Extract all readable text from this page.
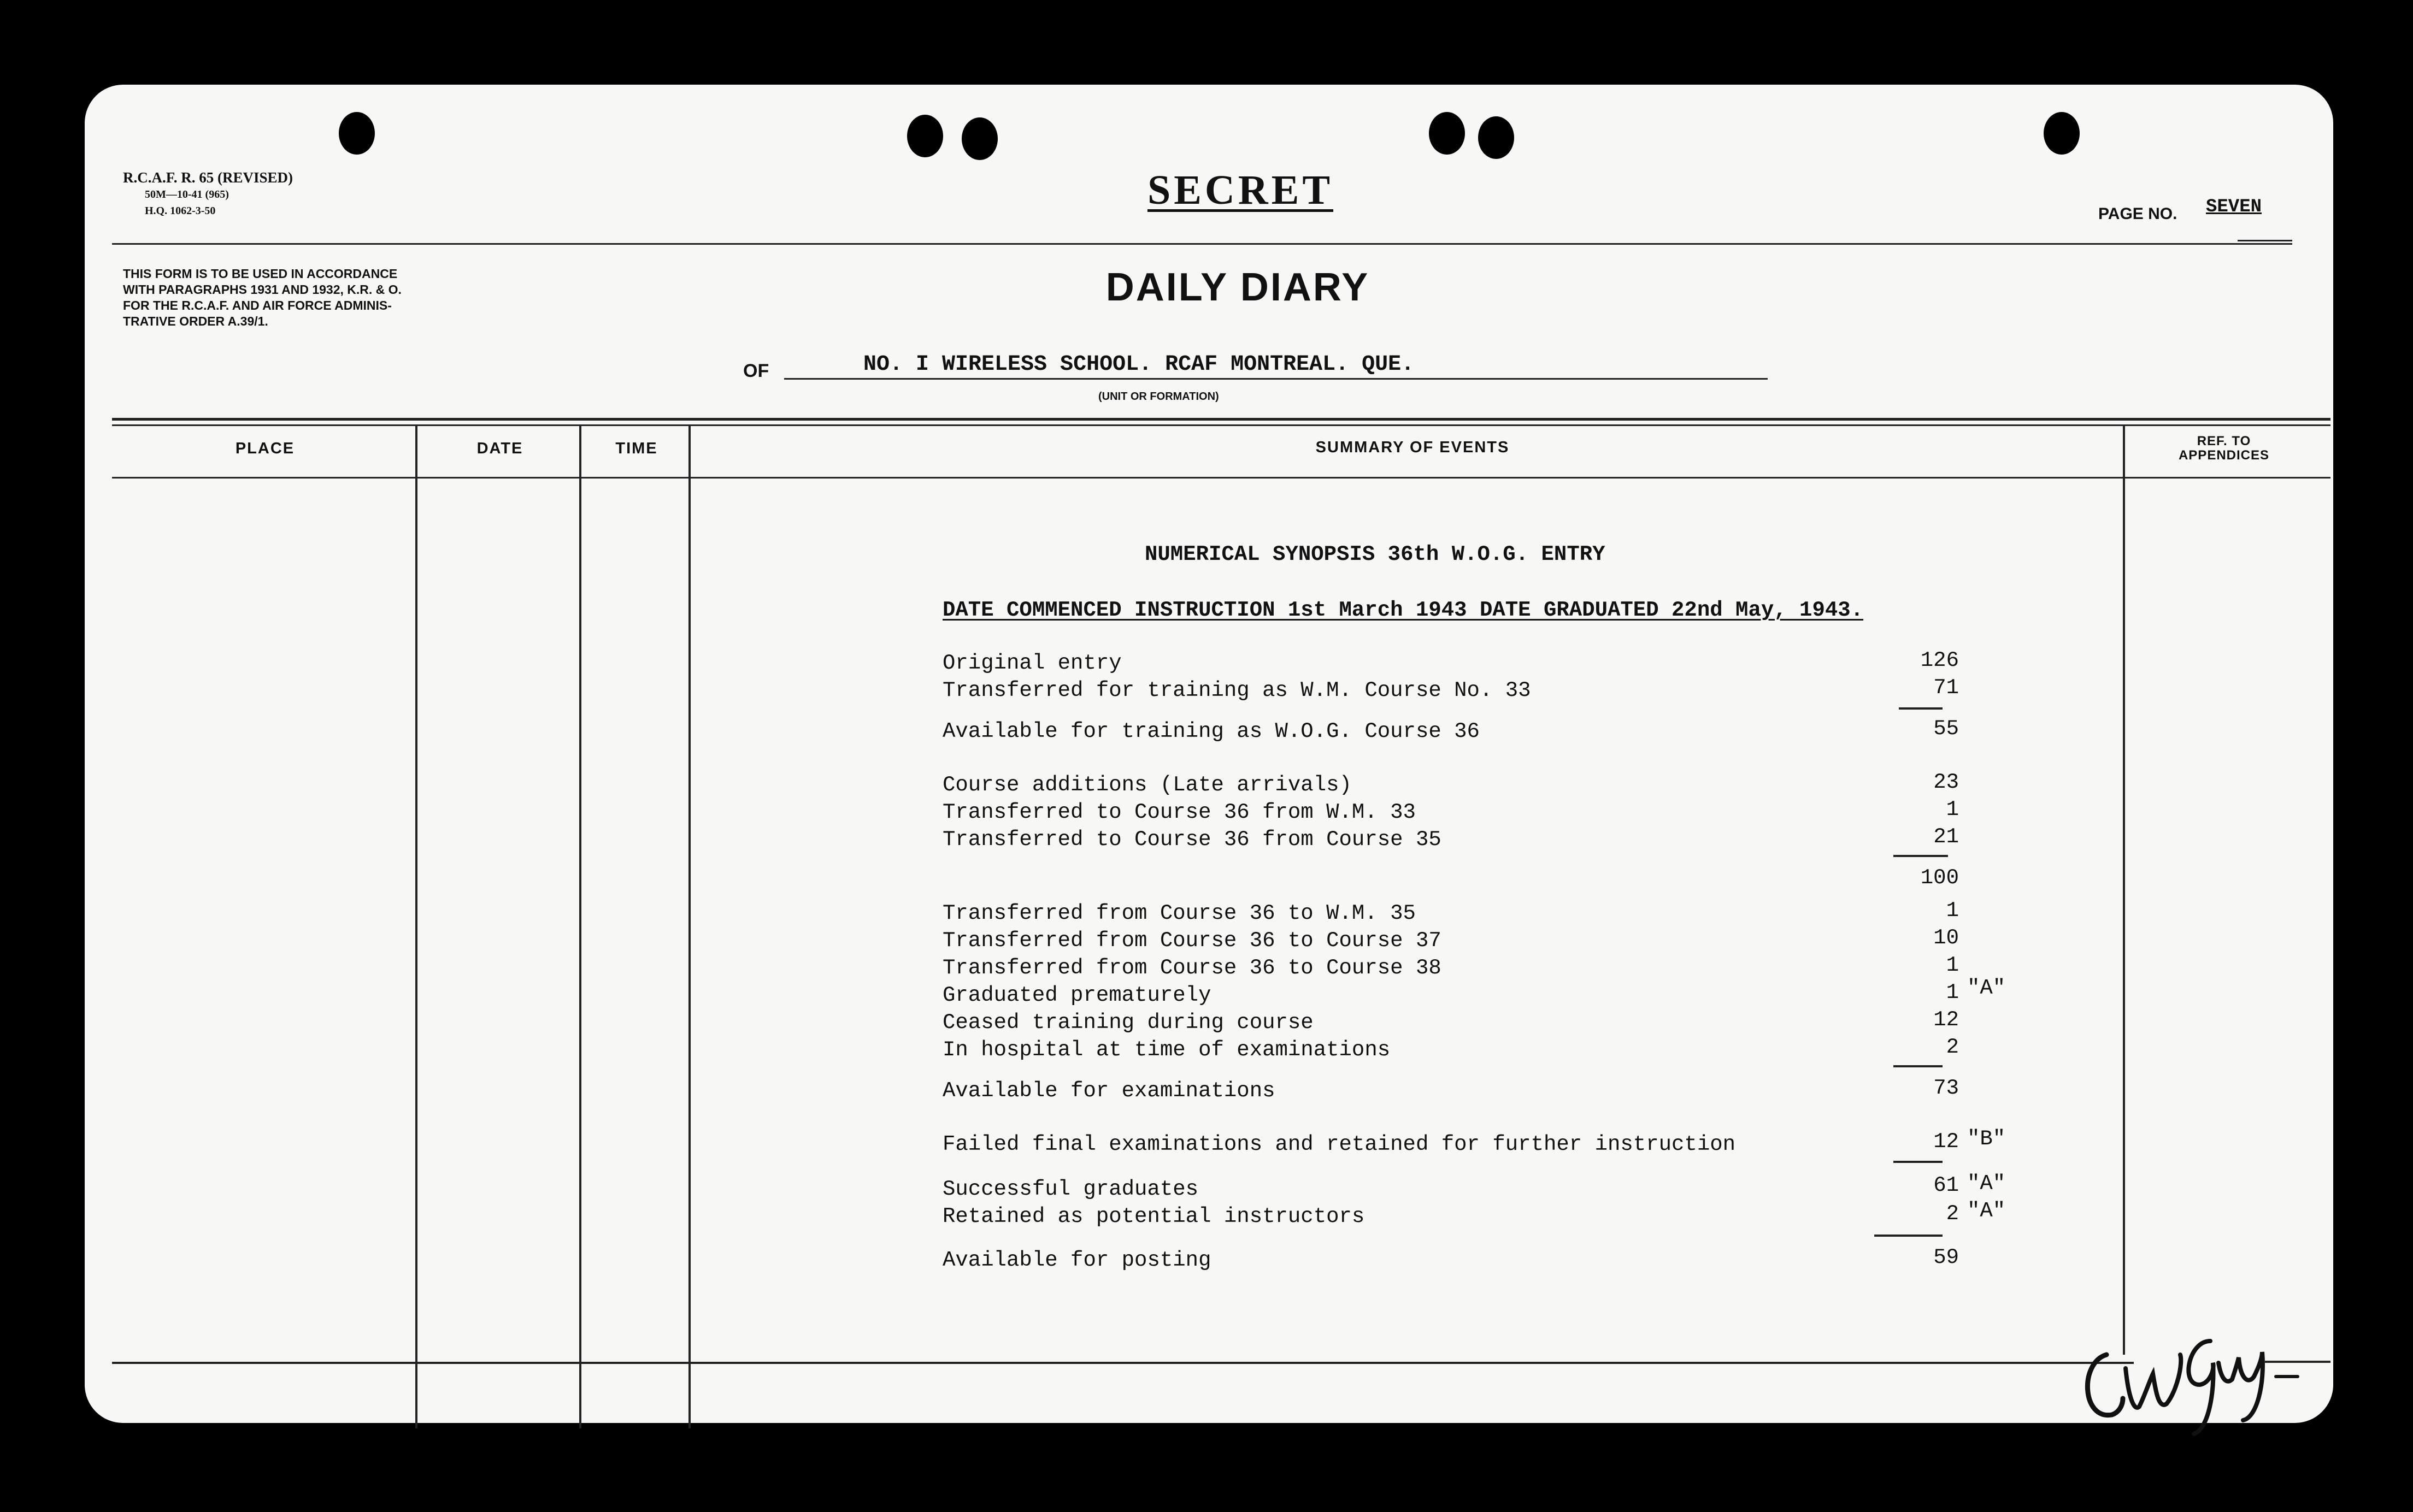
R.C.A.F. R. 65 (REVISED)
50M—10-41 (965)
H.Q. 1062-3-50	SECRET
PAGE NO. SEVEN
THIS FORM IS TO BE USED IN ACCORDANCE
WITH PARAGRAPHS 1931 AND 1932, K.R. & O.
FOR THE R.C.A.F. AND AIR FORCE ADMINIS-
TRATIVE ORDER A.39/1.
DAILY DIARY
OF	NO. I WIRELESS SCHOOL. RCAF MONTREAL. QUE.
(UNIT OR FORMATION)
PLACE	DATE	TIME	SUMMARY OF EVENTS	REF. TO
APPENDICES
NUMERICAL SYNOPSIS 36th W.O.G. ENTRY
DATE COMMENCED INSTRUCTION 1st March 1943 DATE GRADUATED 22nd May, 1943.
Original entry	126
Transferred for training as W.M. Course No. 33	71
Available for training as W.O.G. Course 36	55
Course additions (Late arrivals)	23
Transferred to Course 36 from W.M. 33	1
Transferred to Course 36 from Course 35	21
100
Transferred from Course 36 to W.M. 35	1
Transferred from Course 36 to Course 37	10
Transferred from Course 36 to Course 38	1
Graduated prematurely	1 "A"
Ceased training during course	12
In hospital at time of examinations	2
Available for examinations	73
Failed final examinations and retained for further instruction	12 "B"
Successful graduates	61 "A"
Retained as potential instructors	2 "A"
Available for posting	59
